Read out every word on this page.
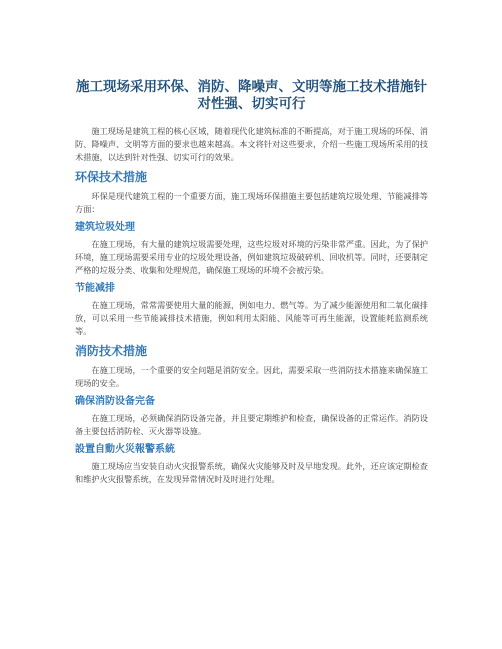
施工现场采用环保、消防、降噪声、文明等施工技术措施针对性强、切实可行

施工现场是建筑工程的核心区域，随着现代化建筑标准的不断提高，对于施工现场的环保、消防、降噪声、文明等方面的要求也越来越高。本文将针对这些要求，介绍一些施工现场所采用的技术措施，以达到针对性强、切实可行的效果。

环保技术措施

环保是现代建筑工程的一个重要方面，施工现场环保措施主要包括建筑垃圾处理、节能减排等方面：

建筑垃圾处理

在施工现场，有大量的建筑垃圾需要处理，这些垃圾对环境的污染非常严重。因此，为了保护环境，施工现场需要采用专业的垃圾处理设备，例如建筑垃圾破碎机、回收机等。同时，还要制定严格的垃圾分类、收集和处理规范，确保施工现场的环境不会被污染。

节能减排

在施工现场，常常需要使用大量的能源，例如电力、燃气等。为了减少能源使用和二氧化碳排放，可以采用一些节能减排技术措施，例如利用太阳能、风能等可再生能源，设置能耗监测系统等。

消防技术措施

在施工现场，一个重要的安全问题是消防安全。因此，需要采取一些消防技术措施来确保施工现场的安全。

确保消防设备完备

在施工现场，必须确保消防设备完备，并且要定期维护和检查，确保设备的正常运作。消防设备主要包括消防栓、灭火器等设施。

設置自動火災報警系統

施工现场应当安装自动火灾报警系统，确保火灾能够及时及早地发现。此外，还应该定期检查和维护火灾报警系统，在发现异常情况时及时进行处理。
